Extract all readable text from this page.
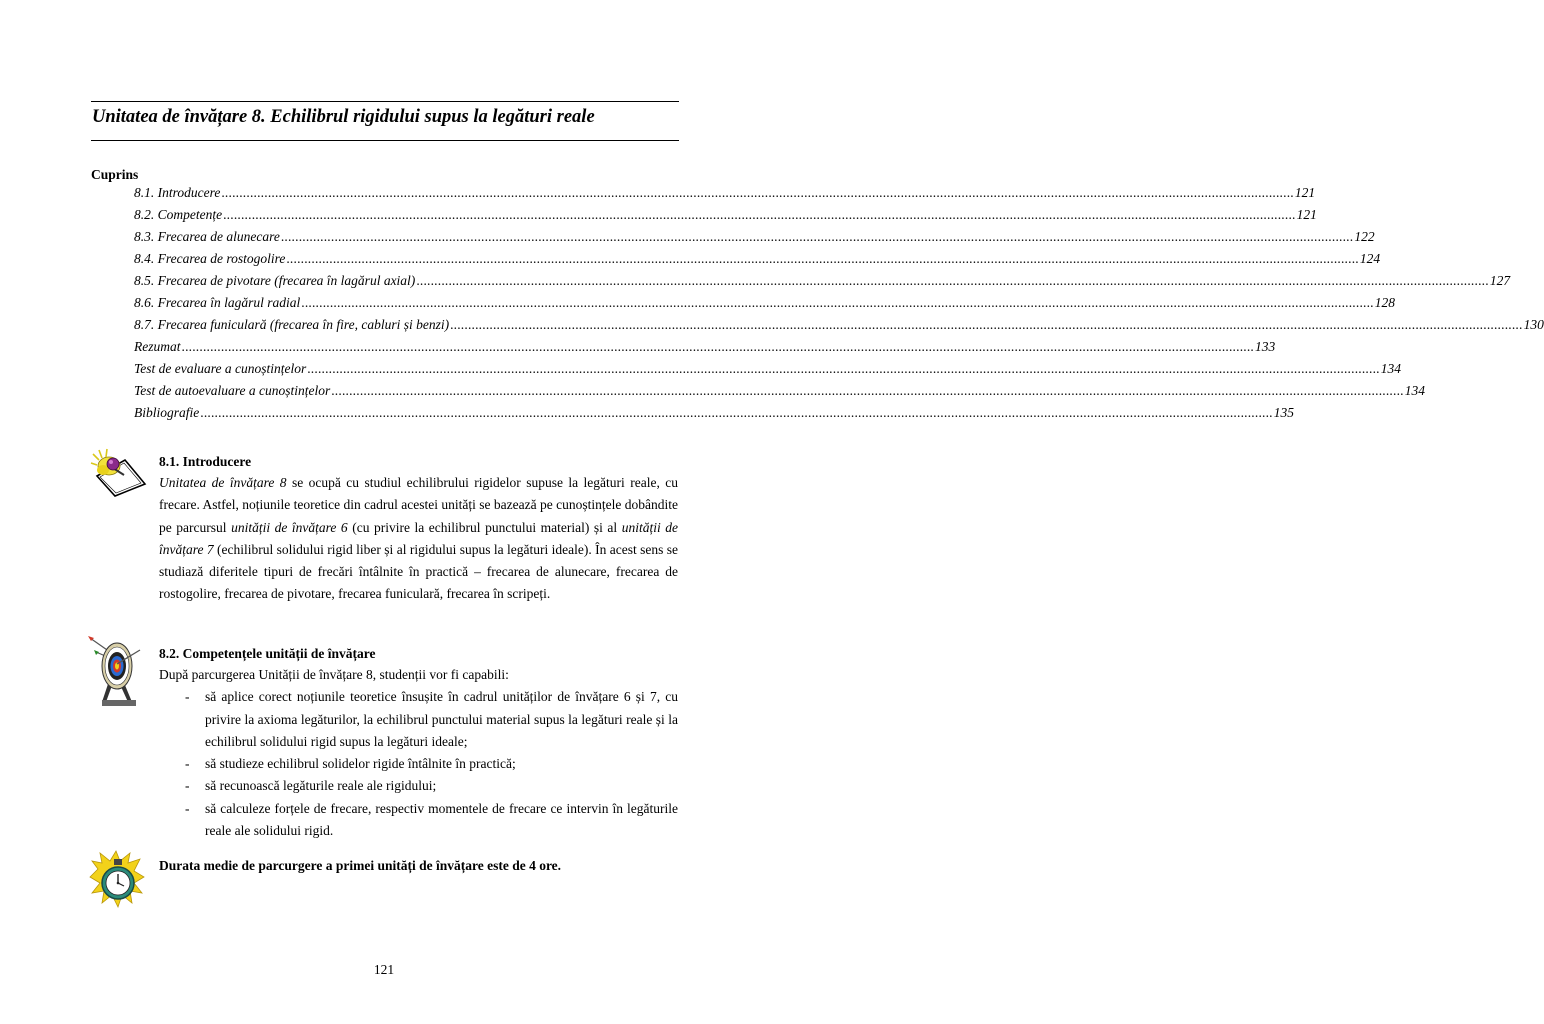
Unitatea de învățare 8. Echilibrul rigidului supus la legături reale
Cuprins
8.1. Introducere ............................................................................................................................................................................................................................................................................................................ 121
8.2. Competențe ............................................................................................................................................................................................................................................................................................................ 121
8.3. Frecarea de alunecare ............................................................................................................................................................................................................................................................................................................ 122
8.4. Frecarea de rostogolire ............................................................................................................................................................................................................................................................................................................ 124
8.5. Frecarea de pivotare (frecarea în lagărul axial) ............................................................................................................................................................................................................................................................................................................ 127
8.6. Frecarea în lagărul radial ............................................................................................................................................................................................................................................................................................................ 128
8.7. Frecarea funiculară (frecarea în fire, cabluri și benzi) ............................................................................................................................................................................................................................................................................................................ 130
Rezumat ............................................................................................................................................................................................................................................................................................................ 133
Test de evaluare a cunoștințelor ............................................................................................................................................................................................................................................................................................................ 134
Test de autoevaluare a cunoștințelor ............................................................................................................................................................................................................................................................................................................ 134
Bibliografie ............................................................................................................................................................................................................................................................................................................ 135
8.1. Introducere
Unitatea de învățare 8 se ocupă cu studiul echilibrului rigidelor supuse la legături reale, cu frecare. Astfel, noțiunile teoretice din cadrul acestei unități se bazează pe cunoștințele dobândite pe parcursul unității de învățare 6 (cu privire la echilibrul punctului material) și al unității de învățare 7 (echilibrul solidului rigid liber și al rigidului supus la legături ideale). În acest sens se studiază diferitele tipuri de frecări întâlnite în practică – frecarea de alunecare, frecarea de rostogolire, frecarea de pivotare, frecarea funiculară, frecarea în scripeți.
8.2. Competențele unității de învățare
După parcurgerea Unității de învățare 8, studenții vor fi capabili:
- să aplice corect noțiunile teoretice însușite în cadrul unităților de învățare 6 și 7, cu privire la axioma legăturilor, la echilibrul punctului material supus la legături reale și la echilibrul solidului rigid supus la legături ideale;
- să studieze echilibrul solidelor rigide întâlnite în practică;
- să recunoască legăturile reale ale rigidului;
- să calculeze forțele de frecare, respectiv momentele de frecare ce intervin în legăturile reale ale solidului rigid.
Durata medie de parcurgere a primei unități de învățare este de 4 ore.
121
